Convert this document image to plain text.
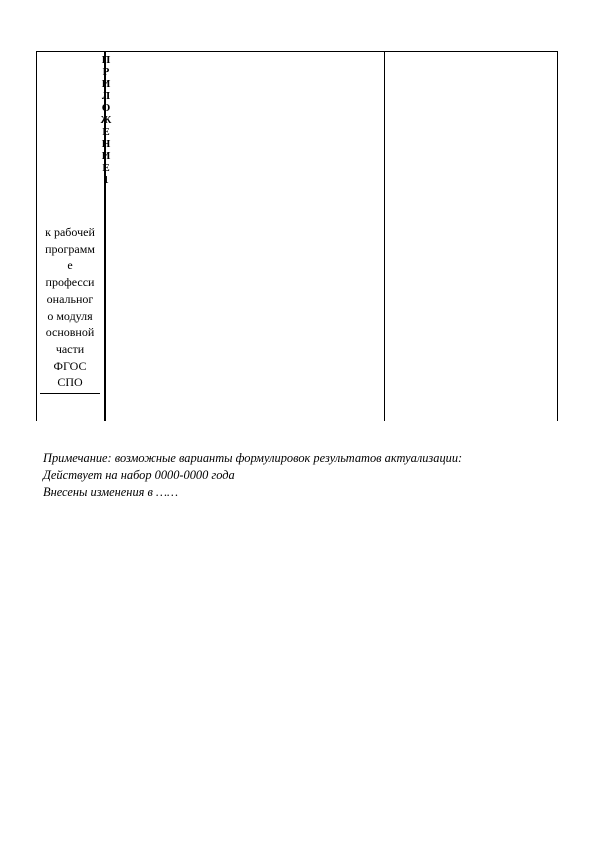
П
Р
И
Л
О
Ж
Е
Н
И
Е
1
к рабочей
программ
е
професси
ональног
о модуля
основной
части
ФГОС
СПО
Примечание: возможные варианты формулировок результатов актуализации:
Действует на набор 0000-0000 года
Внесены изменения в ……
